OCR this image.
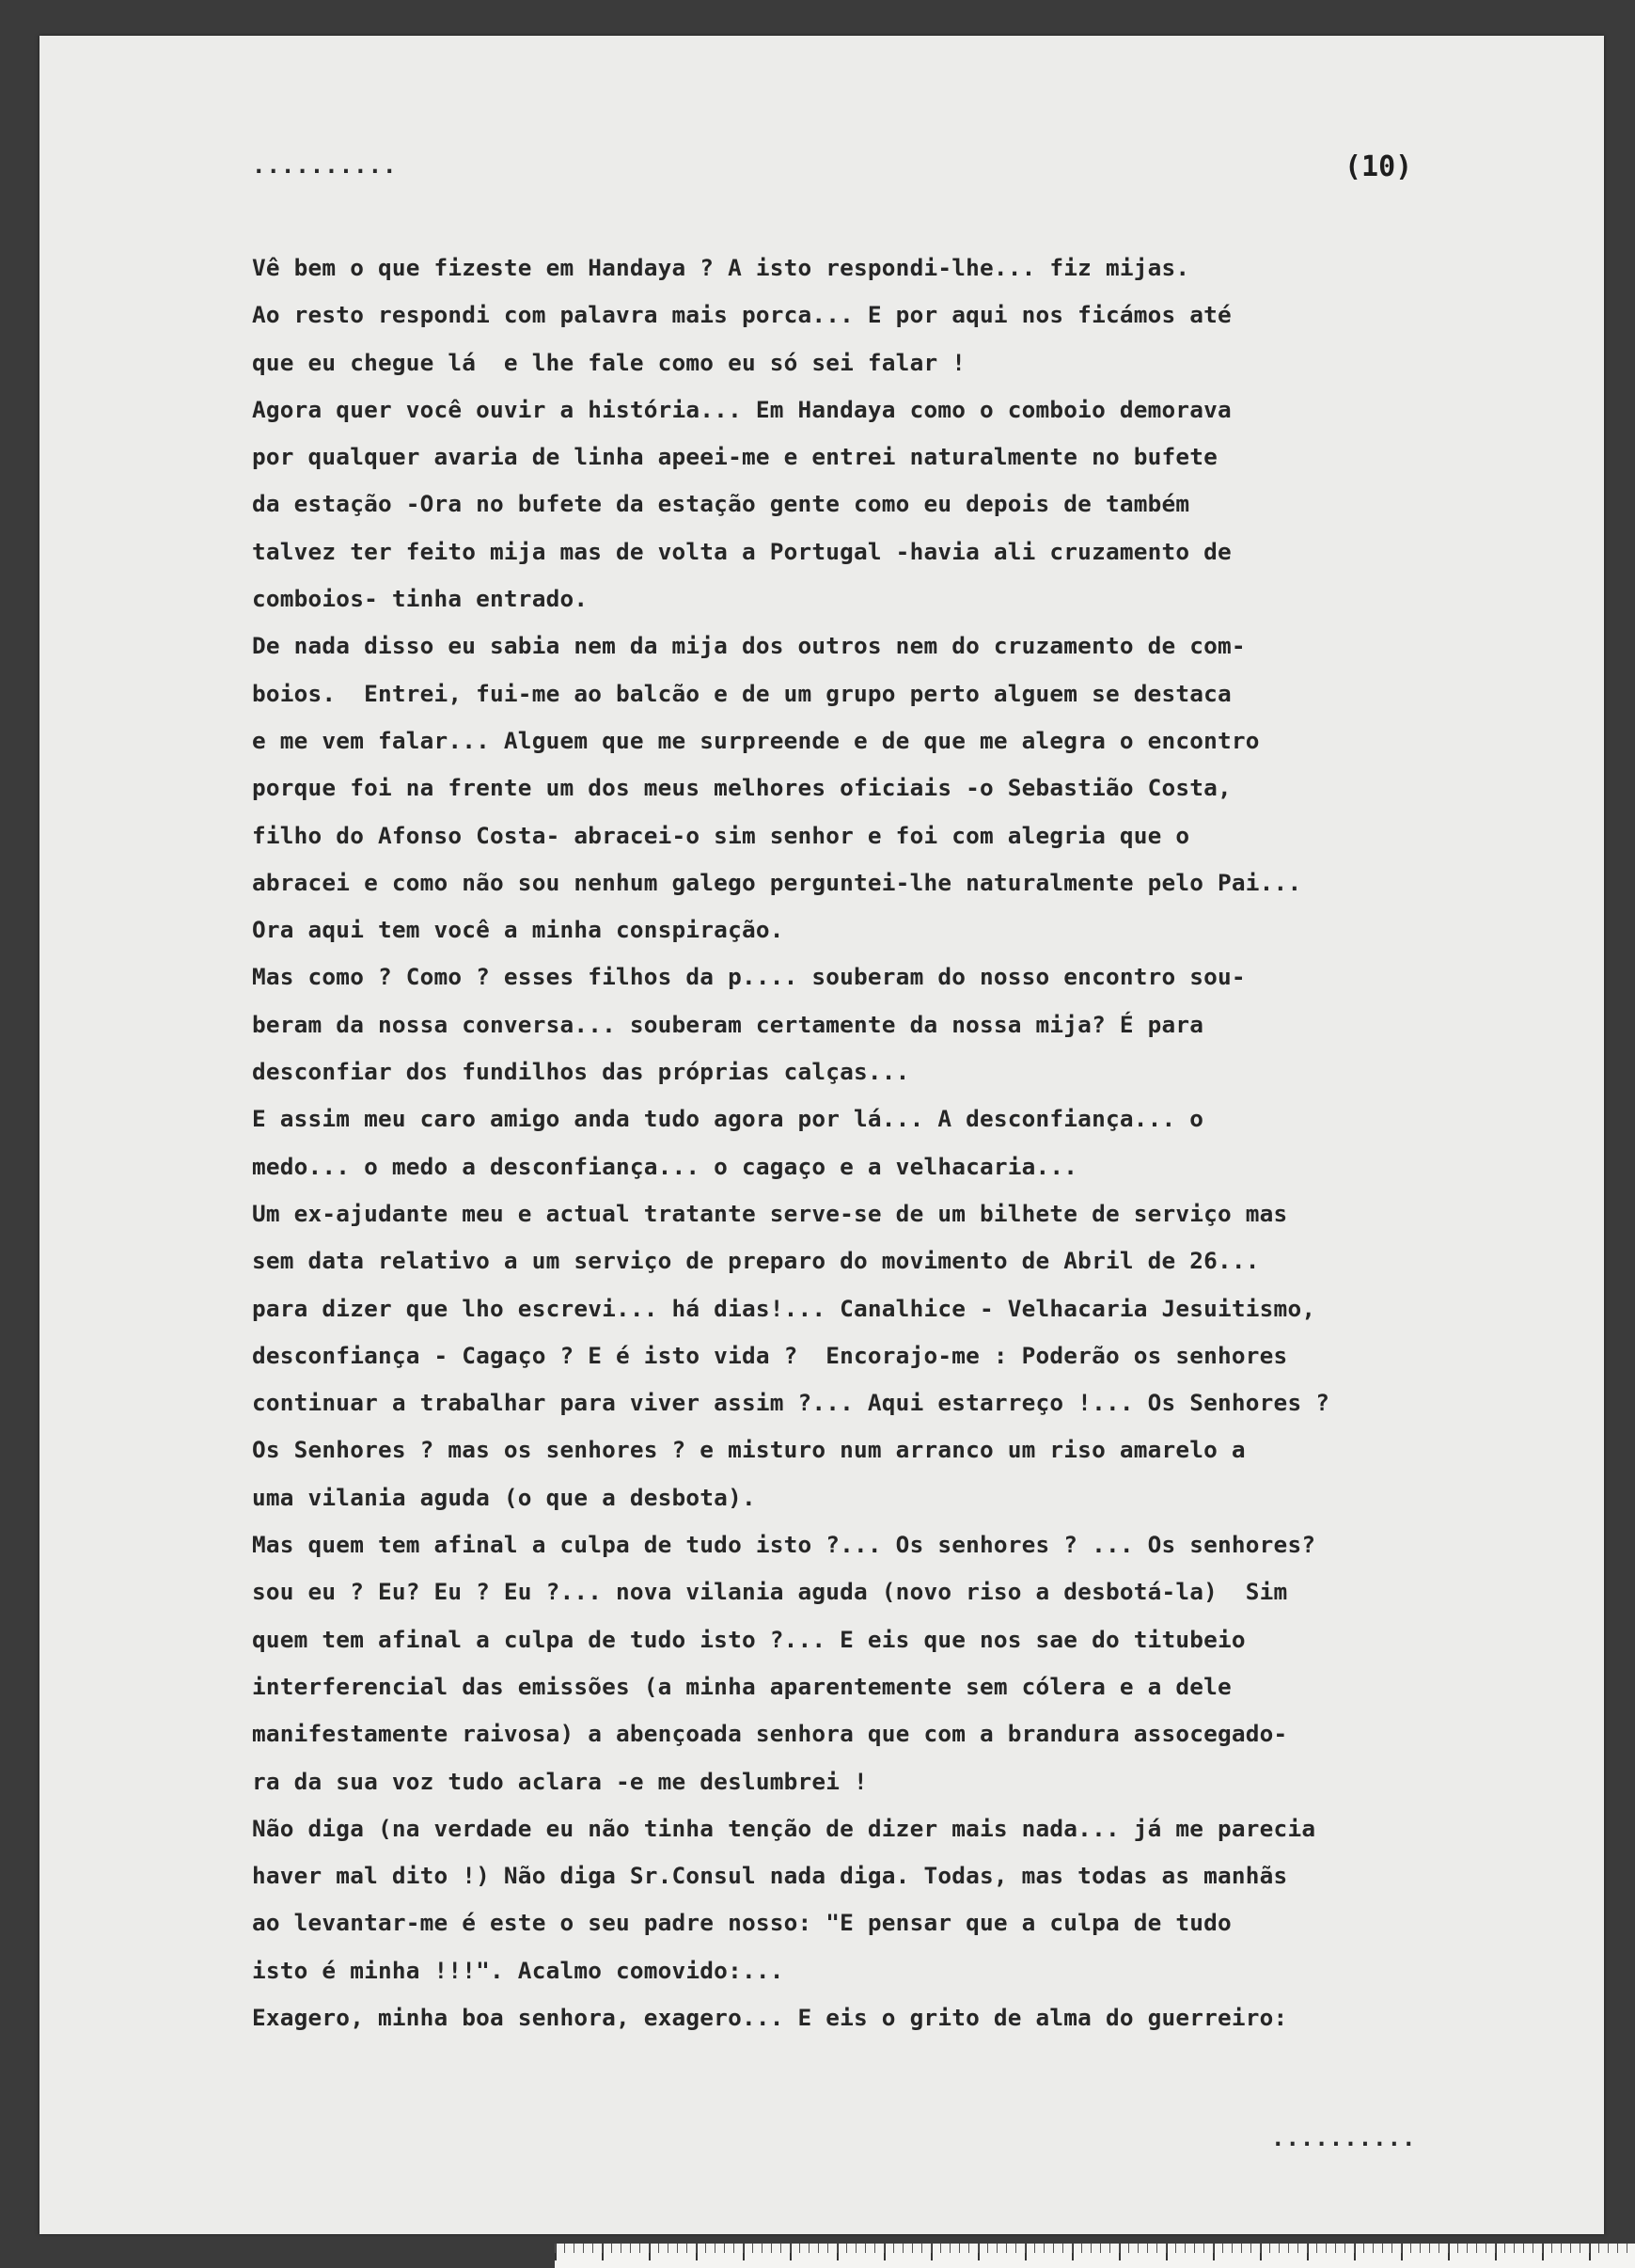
..........	(10)
Vê bem o que fizeste em Handaya ? A isto respondi-lhe... fiz mijas.
Ao resto respondi com palavra mais porca... E por aqui nos ficámos até
que eu chegue lá  e lhe fale como eu só sei falar !
Agora quer você ouvir a história... Em Handaya como o comboio demorava
por qualquer avaria de linha apeei-me e entrei naturalmente no bufete
da estação -Ora no bufete da estação gente como eu depois de também
talvez ter feito mija mas de volta a Portugal -havia ali cruzamento de
comboios- tinha entrado.
De nada disso eu sabia nem da mija dos outros nem do cruzamento de com-
boios.  Entrei, fui-me ao balcão e de um grupo perto alguem se destaca
e me vem falar... Alguem que me surpreende e de que me alegra o encontro
porque foi na frente um dos meus melhores oficiais -o Sebastião Costa,
filho do Afonso Costa- abracei-o sim senhor e foi com alegria que o
abracei e como não sou nenhum galego perguntei-lhe naturalmente pelo Pai...
Ora aqui tem você a minha conspiração.
Mas como ? Como ? esses filhos da p.... souberam do nosso encontro sou-
beram da nossa conversa... souberam certamente da nossa mija? É para
desconfiar dos fundilhos das próprias calças...
E assim meu caro amigo anda tudo agora por lá... A desconfiança... o
medo... o medo a desconfiança... o cagaço e a velhacaria...
Um ex-ajudante meu e actual tratante serve-se de um bilhete de serviço mas
sem data relativo a um serviço de preparo do movimento de Abril de 26...
para dizer que lho escrevi... há dias!... Canalhice - Velhacaria Jesuitismo,
desconfiança - Cagaço ? E é isto vida ?  Encorajo-me : Poderão os senhores
continuar a trabalhar para viver assim ?... Aqui estarreço !... Os Senhores ?
Os Senhores ? mas os senhores ? e misturo num arranco um riso amarelo a
uma vilania aguda (o que a desbota).
Mas quem tem afinal a culpa de tudo isto ?... Os senhores ? ... Os senhores?
sou eu ? Eu? Eu ? Eu ?... nova vilania aguda (novo riso a desbotá-la)  Sim
quem tem afinal a culpa de tudo isto ?... E eis que nos sae do titubeio
interferencial das emissões (a minha aparentemente sem cólera e a dele
manifestamente raivosa) a abençoada senhora que com a brandura assocegado-
ra da sua voz tudo aclara -e me deslumbrei !
Não diga (na verdade eu não tinha tenção de dizer mais nada... já me parecia
haver mal dito !) Não diga Sr.Consul nada diga. Todas, mas todas as manhãs
ao levantar-me é este o seu padre nosso: "E pensar que a culpa de tudo
isto é minha !!!". Acalmo comovido:...
Exagero, minha boa senhora, exagero... E eis o grito de alma do guerreiro:
..........
